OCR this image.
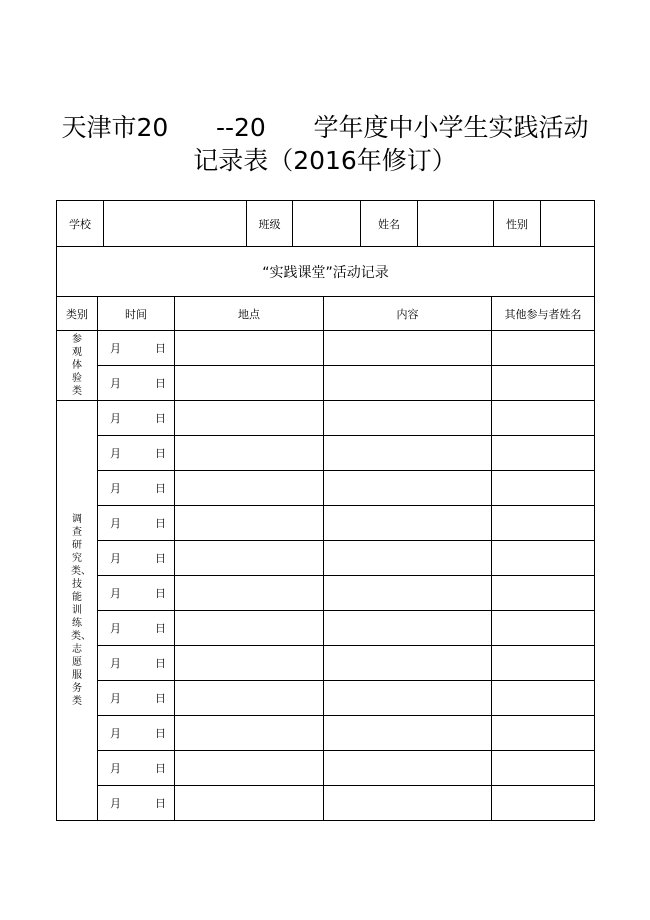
天津市20      --20      学年度中小学生实践活动
记录表（2016年修订）
学校		班级		姓名		性别	
“实践课堂”活动记录				
类别	时间	地点	内容	其他参与者姓名
参观体验类	月 日			
	月 日			
调查研究类、技能训练类、志愿服务类	月 日			
	月 日			
	月 日			
	月 日			
	月 日			
	月 日			
	月 日			
	月 日			
	月 日			
	月 日			
	月 日			
	月 日			
